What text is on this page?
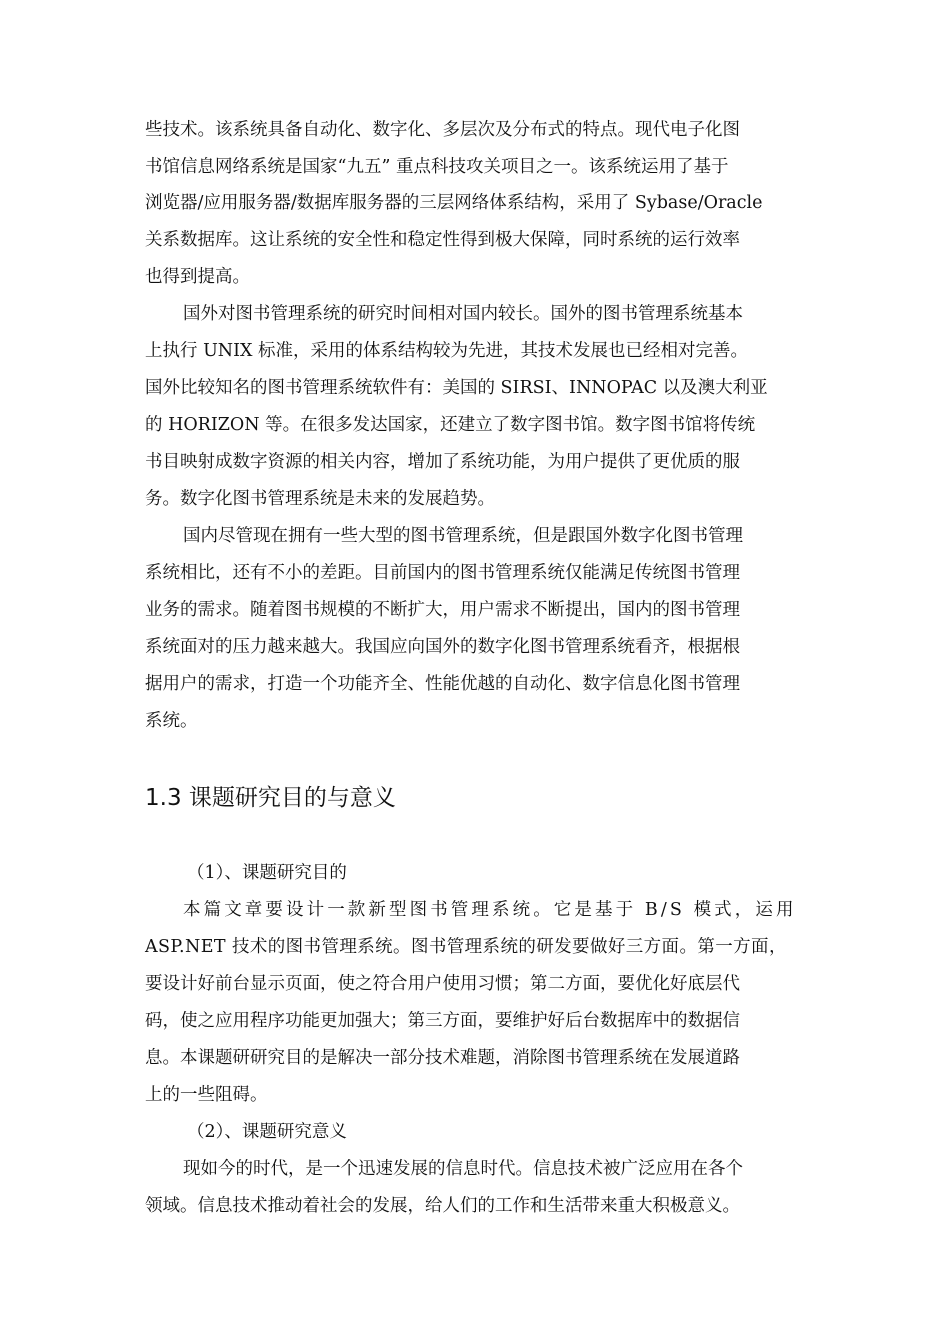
些技术。该系统具备自动化、数字化、多层次及分布式的特点。现代电子化图
书馆信息网络系统是国家“九五” 重点科技攻关项目之一。该系统运用了基于
浏览器/应用服务器/数据库服务器的三层网络体系结构，采用了 Sybase/Oracle
关系数据库。这让系统的安全性和稳定性得到极大保障，同时系统的运行效率
也得到提高。
国外对图书管理系统的研究时间相对国内较长。国外的图书管理系统基本
上执行 UNIX 标准，采用的体系结构较为先进，其技术发展也已经相对完善。
国外比较知名的图书管理系统软件有：美国的 SIRSI、INNOPAC 以及澳大利亚
的 HORIZON 等。在很多发达国家，还建立了数字图书馆。数字图书馆将传统
书目映射成数字资源的相关内容，增加了系统功能，为用户提供了更优质的服
务。数字化图书管理系统是未来的发展趋势。
国内尽管现在拥有一些大型的图书管理系统，但是跟国外数字化图书管理
系统相比，还有不小的差距。目前国内的图书管理系统仅能满足传统图书管理
业务的需求。随着图书规模的不断扩大，用户需求不断提出，国内的图书管理
系统面对的压力越来越大。我国应向国外的数字化图书管理系统看齐，根据根
据用户的需求，打造一个功能齐全、性能优越的自动化、数字信息化图书管理
系统。
1.3 课题研究目的与意义
（1）、课题研究目的
本篇文章要设计一款新型图书管理系统。它是基于 B/S 模式，运用
ASP.NET 技术的图书管理系统。图书管理系统的研发要做好三方面。第一方面，
要设计好前台显示页面，使之符合用户使用习惯；第二方面，要优化好底层代
码，使之应用程序功能更加强大；第三方面，要维护好后台数据库中的数据信
息。本课题研研究目的是解决一部分技术难题，消除图书管理系统在发展道路
上的一些阻碍。
（2）、课题研究意义
现如今的时代，是一个迅速发展的信息时代。信息技术被广泛应用在各个
领域。信息技术推动着社会的发展，给人们的工作和生活带来重大积极意义。
